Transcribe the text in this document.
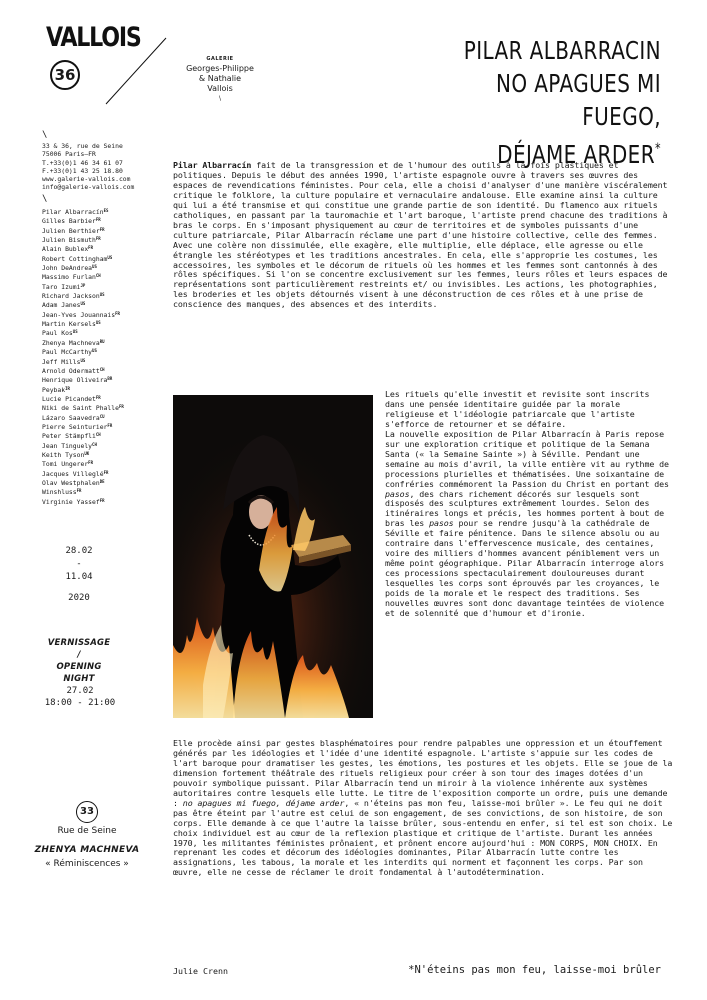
VALLOIS
36
GALERIE
Georges-Philippe
& Nathalie
Vallois
\
PILAR ALBARRACIN
NO APAGUES MI FUEGO,
DÉJAME ARDER*
\
33 & 36, rue de Seine
75006 Paris–FR
T.+33(0)1 46 34 61 07
F.+33(0)1 43 25 18.80
www.galerie-vallois.com
info@galerie-vallois.com
\
Pilar Albarracín$^{ES}$
Gilles Barbier$^{FR}$
Julien Berthier$^{FR}$
Julien Bismuth$^{FR}$
Alain Bublex$^{FR}$
Robert Cottingham$^{US}$
John DeAndrea$^{US}$
Massimo Furlan$^{CH}$
Taro Izumi$^{JP}$
Richard Jackson$^{US}$
Adam Janes$^{US}$
Jean-Yves Jouannais$^{FR}$
Martin Kersels$^{US}$
Paul Kos$^{US}$
Zhenya Machneva$^{RU}$
Paul McCarthy$^{US}$
Jeff Mills$^{US}$
Arnold Odermatt$^{CH}$
Henrique Oliveira$^{BR}$
Peybak$^{IR}$
Lucie Picandet$^{FR}$
Niki de Saint Phalle$^{FR}$
Lázaro Saavedra$^{CU}$
Pierre Seinturier$^{FR}$
Peter Stämpfli$^{CH}$
Jean Tinguely$^{CH}$
Keith Tyson$^{UK}$
Tomi Ungerer$^{FR}$
Jacques Villeglé$^{FR}$
Olav Westphalen$^{DE}$
Winshluss$^{FR}$
Virginie Yassef$^{FR}$
28.02
-
11.04
2020
VERNISSAGE
/
OPENING NIGHT
27.02
18:00 - 21:00
33
Rue de Seine
ZHENYA MACHNEVA
« Réminiscences »
Pilar Albarracín fait de la transgression et de l'humour des outils à la fois plastiques et politiques. Depuis le début des années 1990, l'artiste espagnole ouvre à travers ses œuvres des espaces de revendications féministes. Pour cela, elle a choisi d'analyser d'une manière viscéralement critique le folklore, la culture populaire et vernaculaire andalouse. Elle examine ainsi la culture qui lui a été transmise et qui constitue une grande partie de son identité. Du flamenco aux rituels catholiques, en passant par la tauromachie et l'art baroque, l'artiste prend chacune des traditions à bras le corps. En s'imposant physiquement au cœur de territoires et de symboles puissants d'une culture patriarcale, Pilar Albarracín réclame une part d'une histoire collective, celle des femmes. Avec une colère non dissimulée, elle exagère, elle multiplie, elle déplace, elle agresse ou elle étrangle les stéréotypes et les traditions ancestrales. En cela, elle s'approprie les costumes, les accessoires, les symboles et le décorum de rituels où les hommes et les femmes sont cantonnés à des rôles spécifiques. Si l'on se concentre exclusivement sur les femmes, leurs rôles et leurs espaces de représentations sont particulièrement restreints et/ ou invisibles. Les actions, les photographies, les broderies et les objets détournés visent à une déconstruction de ces rôles et à une prise de conscience des manques, des absences et des interdits.
Les rituels qu'elle investit et revisite sont inscrits dans une pensée identitaire guidée par la morale religieuse et l'idéologie patriarcale que l'artiste s'efforce de retourner et se défaire.
La nouvelle exposition de Pilar Albarracín à Paris repose sur une exploration critique et politique de la Semana Santa (« la Semaine Sainte ») à Séville. Pendant une semaine au mois d'avril, la ville entière vit au rythme de processions plurielles et thématisées. Une soixantaine de confréries commémorent la Passion du Christ en portant des pasos, des chars richement décorés sur lesquels sont disposés des sculptures extrêmement lourdes. Selon des itinéraires longs et précis, les hommes portent à bout de bras les pasos pour se rendre jusqu'à la cathédrale de Séville et faire pénitence. Dans le silence absolu ou au contraire dans l'effervescence musicale, des centaines, voire des milliers d'hommes avancent péniblement vers un même point géographique. Pilar Albarracín interroge alors ces processions spectaculairement douloureuses durant lesquelles les corps sont éprouvés par les croyances, le poids de la morale et le respect des traditions. Ses nouvelles œuvres sont donc davantage teintées de violence et de solennité que d'humour et d'ironie.
Elle procède ainsi par gestes blasphématoires pour rendre palpables une oppression et un étouffement générés par les idéologies et l'idée d'une identité espagnole. L'artiste s'appuie sur les codes de l'art baroque pour dramatiser les gestes, les émotions, les postures et les objets. Elle se joue de la dimension fortement théâtrale des rituels religieux pour créer à son tour des images dotées d'un pouvoir symbolique puissant. Pilar Albarracín tend un miroir à la violence inhérente aux systèmes autoritaires contre lesquels elle lutte. Le titre de l'exposition comporte un ordre, puis une demande : no apagues mi fuego, déjame arder, « n'éteins pas mon feu, laisse-moi brûler ». Le feu qui ne doit pas être éteint par l'autre est celui de son engagement, de ses convictions, de son histoire, de son corps. Elle demande à ce que l'autre la laisse brûler, sous-entendu en enfer, si tel est son choix. Le choix individuel est au cœur de la reflexion plastique et critique de l'artiste. Durant les années 1970, les militantes féministes prônaient, et prônent encore aujourd'hui : MON CORPS, MON CHOIX. En reprenant les codes et décorum des idéologies dominantes, Pilar Albarracín lutte contre les assignations, les tabous, la morale et les interdits qui norment et façonnent les corps. Par son œuvre, elle ne cesse de réclamer le droit fondamental à l'autodétermination.
Julie Crenn	*N'éteins pas mon feu, laisse-moi brûler
